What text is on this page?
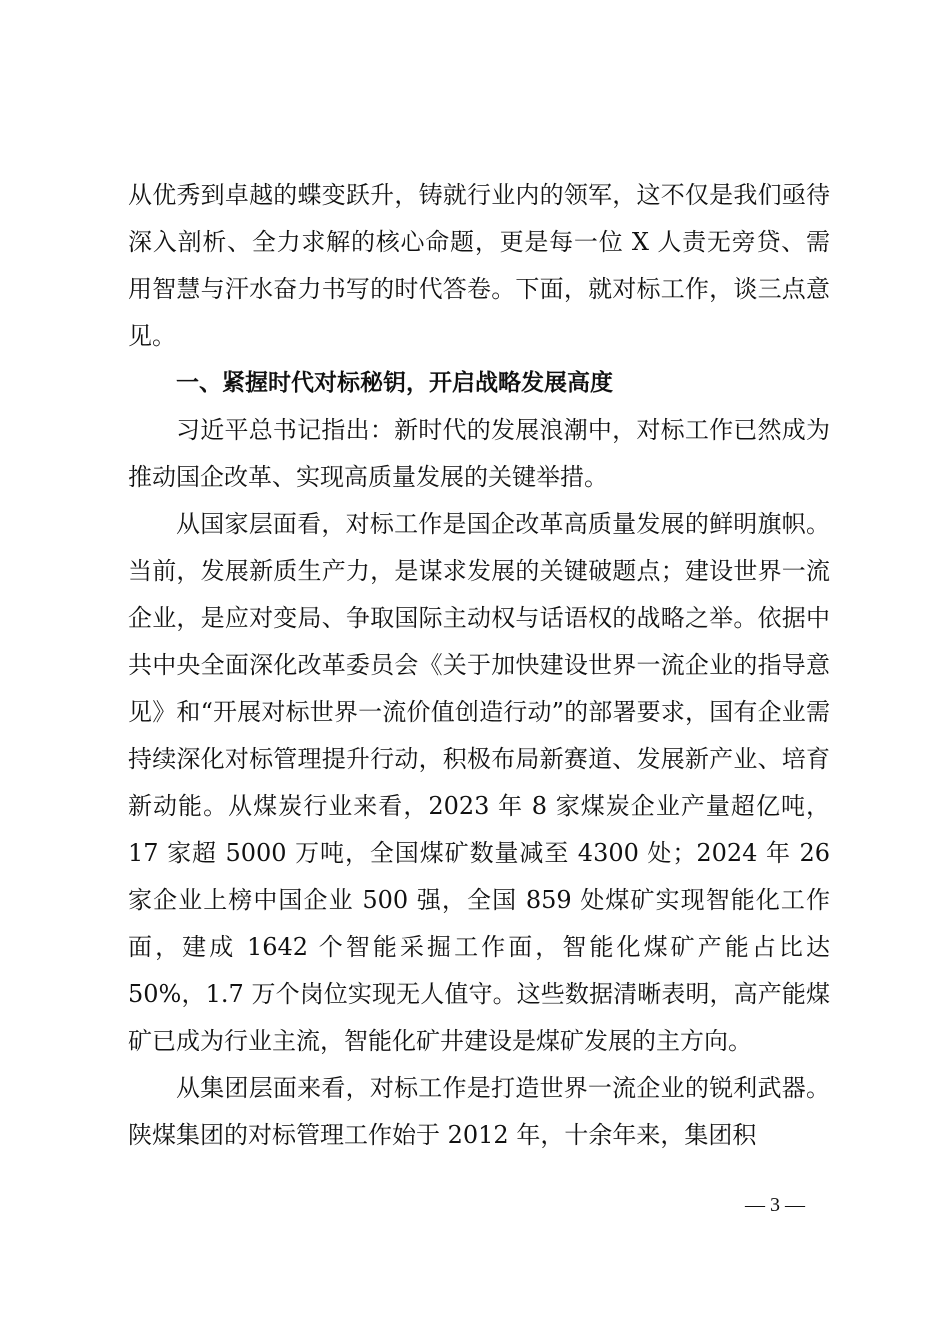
从优秀到卓越的蝶变跃升，铸就行业内的领军，这不仅是我们亟待深入剖析、全力求解的核心命题，更是每一位 X 人责无旁贷、需用智慧与汗水奋力书写的时代答卷。下面，就对标工作，谈三点意见。

一、紧握时代对标秘钥，开启战略发展高度

习近平总书记指出：新时代的发展浪潮中，对标工作已然成为推动国企改革、实现高质量发展的关键举措。

从国家层面看，对标工作是国企改革高质量发展的鲜明旗帜。当前，发展新质生产力，是谋求发展的关键破题点；建设世界一流企业，是应对变局、争取国际主动权与话语权的战略之举。依据中共中央全面深化改革委员会《关于加快建设世界一流企业的指导意见》和“开展对标世界一流价值创造行动”的部署要求，国有企业需持续深化对标管理提升行动，积极布局新赛道、发展新产业、培育新动能。从煤炭行业来看，2023 年 8 家煤炭企业产量超亿吨，17 家超 5000 万吨，全国煤矿数量减至 4300 处；2024 年 26 家企业上榜中国企业 500 强，全国 859 处煤矿实现智能化工作面，建成 1642 个智能采掘工作面，智能化煤矿产能占比达 50%，1.7 万个岗位实现无人值守。这些数据清晰表明，高产能煤矿已成为行业主流，智能化矿井建设是煤矿发展的主方向。

从集团层面来看，对标工作是打造世界一流企业的锐利武器。陕煤集团的对标管理工作始于 2012 年，十余年来，集团积

— 3 —
